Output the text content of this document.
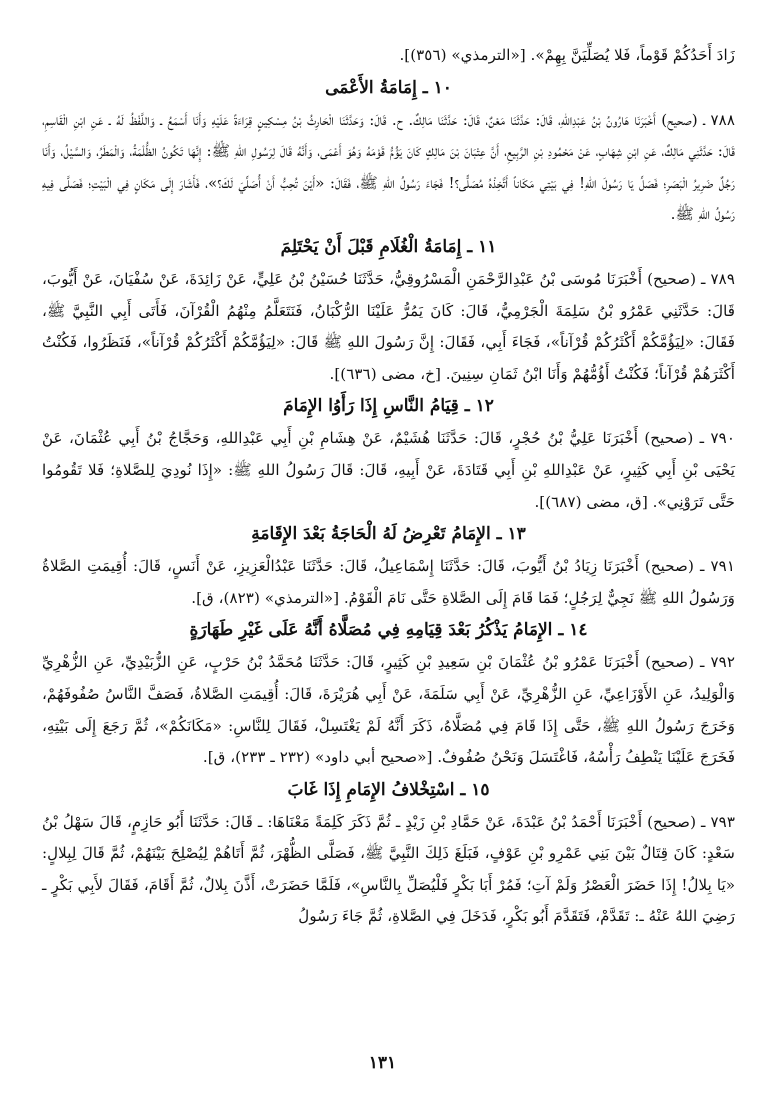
زَادَ أَحَدُكُمْ قَوْماً، فَلا يُصَلِّيَنَّ بِهِمْ». [«الترمذي» (٣٥٦)].

١٠ ـ إِمَامَةُ الأَعْمَى

٧٨٨ ـ (صحيح) أَخْبَرَنَا هَارُونُ بْنُ عَبْدِاللهِ، قَالَ: حَدَّثَنَا مَعْنٌ، قَالَ: حَدَّثَنَا مَالِكٌ. ح. قَالَ: وَحَدَّثَنَا الْحَارِثُ بْنُ مِسْكِينٍ قِرَاءَةً عَلَيْهِ وَأَنَا أَسْمَعُ ـ وَاللَّفْظُ لَهُ ـ عَنِ ابْنِ الْقَاسِمِ، قَالَ: حَدَّثَنِي مَالِكٌ، عَنِ ابْنِ شِهَابٍ، عَنْ مَحْمُودِ بْنِ الرَّبِيعِ، أَنَّ عِتْبَانَ بْنَ مَالِكٍ كَانَ يَؤُمُّ قَوْمَهُ وَهُوَ أَعْمَى، وَأَنَّهُ قَالَ لِرَسُولِ اللهِ ﷺ: إِنَّهَا تَكُونُ الظُّلْمَةُ، وَالْمَطَرُ، وَالسَّيْلُ، وَأَنَا رَجُلٌ ضَرِيرُ الْبَصَرِ؛ فَصَلِّ يَا رَسُولَ اللهِ! فِي بَيْتِي مَكَاناً أَتَّخِذْهُ مُصَلًّى؟! فَجَاءَ رَسُولُ اللهِ ﷺ، فَقَالَ: «أَيْنَ تُحِبُّ أَنْ أُصَلِّيَ لَكَ؟»، فَأَشَارَ إِلَى مَكَانٍ فِي الْبَيْتِ؛ فَصَلَّى فِيهِ رَسُولُ اللهِ ﷺ.

١١ ـ إِمَامَةُ الْغُلَامِ قَبْلَ أَنْ يَحْتَلِمَ

٧٨٩ ـ (صحيح) أَخْبَرَنَا مُوسَى بْنُ عَبْدِالرَّحْمَنِ الْمَسْرُوقِيُّ، حَدَّثَنَا حُسَيْنُ بْنُ عَلِيٍّ، عَنْ زَائِدَةَ، عَنْ سُفْيَانَ، عَنْ أَيُّوبَ، قَالَ: حَدَّثَنِي عَمْرُو بْنُ سَلِمَةَ الْجَرْمِيُّ، قَالَ: كَانَ يَمُرُّ عَلَيْنَا الرُّكْبَانُ، فَنَتَعَلَّمُ مِنْهُمُ الْقُرْآنَ، فَأَتَى أَبِي النَّبِيَّ ﷺ، فَقَالَ: «لِيَؤُمَّكُمْ أَكْثَرُكُمْ قُرْآناً»، فَجَاءَ أَبِي، فَقَالَ: إِنَّ رَسُولَ اللهِ ﷺ قَالَ: «لِيَؤُمَّكُمْ أَكْثَرُكُمْ قُرْآناً»، فَنَظَرُوا، فَكُنْتُ أَكْثَرَهُمْ قُرْآناً؛ فَكُنْتُ أَؤُمُّهُمْ وَأَنَا ابْنُ ثَمَانِ سِنِينَ. [خ، مضى (٦٣٦)].

١٢ ـ قِيَامُ النَّاسِ إِذَا رَأَوُا الإِمَامَ

٧٩٠ ـ (صحيح) أَخْبَرَنَا عَلِيُّ بْنُ حُجْرٍ، قَالَ: حَدَّثَنَا هُشَيْمٌ، عَنْ هِشَامِ بْنِ أَبِي عَبْدِاللهِ، وَحَجَّاجُ بْنُ أَبِي عُثْمَانَ، عَنْ يَحْيَى بْنِ أَبِي كَثِيرٍ، عَنْ عَبْدِاللهِ بْنِ أَبِي قَتَادَةَ، عَنْ أَبِيهِ، قَالَ: قَالَ رَسُولُ اللهِ ﷺ: «إِذَا نُودِيَ لِلصَّلاةِ؛ فَلا تَقُومُوا حَتَّى تَرَوْنِي». [ق، مضى (٦٨٧)].

١٣ ـ الإِمَامُ تَعْرِضُ لَهُ الْحَاجَةُ بَعْدَ الإِقَامَةِ

٧٩١ ـ (صحيح) أَخْبَرَنَا زِيَادُ بْنُ أَيُّوبَ، قَالَ: حَدَّثَنَا إِسْمَاعِيلُ، قَالَ: حَدَّثَنَا عَبْدُالْعَزِيزِ، عَنْ أَنَسٍ، قَالَ: أُقِيمَتِ الصَّلاةُ وَرَسُولُ اللهِ ﷺ نَجِيٌّ لِرَجُلٍ؛ فَمَا قَامَ إِلَى الصَّلاةِ حَتَّى نَامَ الْقَوْمُ. [«الترمذي» (٨٢٣)، ق].

١٤ ـ الإِمَامُ يَذْكُرُ بَعْدَ قِيَامِهِ فِي مُصَلَّاهُ أَنَّهُ عَلَى غَيْرِ طَهَارَةٍ

٧٩٢ ـ (صحيح) أَخْبَرَنَا عَمْرُو بْنُ عُثْمَانَ بْنِ سَعِيدِ بْنِ كَثِيرٍ، قَالَ: حَدَّثَنَا مُحَمَّدُ بْنُ حَرْبٍ، عَنِ الزُّبَيْدِيِّ، عَنِ الزُّهْرِيِّ وَالْوَلِيدُ، عَنِ الأَوْزَاعِيِّ، عَنِ الزُّهْرِيِّ، عَنْ أَبِي سَلَمَةَ، عَنْ أَبِي هُرَيْرَةَ، قَالَ: أُقِيمَتِ الصَّلاةُ، فَصَفَّ النَّاسُ صُفُوفَهُمْ، وَخَرَجَ رَسُولُ اللهِ ﷺ، حَتَّى إِذَا قَامَ فِي مُصَلَّاهُ، ذَكَرَ أَنَّهُ لَمْ يَغْتَسِلْ، فَقَالَ لِلنَّاسِ: «مَكَانَكُمْ»، ثُمَّ رَجَعَ إِلَى بَيْتِهِ، فَخَرَجَ عَلَيْنَا يَنْطِفُ رَأْسُهُ، فَاغْتَسَلَ وَنَحْنُ صُفُوفٌ. [«صحيح أبي داود» (٢٣٢ ـ ٢٣٣)، ق].

١٥ ـ اسْتِخْلافُ الإِمَامِ إِذَا غَابَ

٧٩٣ ـ (صحيح) أَخْبَرَنَا أَحْمَدُ بْنُ عَبْدَةَ، عَنْ حَمَّادِ بْنِ زَيْدٍ ـ ثُمَّ ذَكَرَ كَلِمَةً مَعْنَاهَا: ـ قَالَ: حَدَّثَنَا أَبُو حَازِمٍ، قَالَ سَهْلُ بْنُ سَعْدٍ: كَانَ قِتَالٌ بَيْنَ بَنِي عَمْرِو بْنِ عَوْفٍ، فَبَلَغَ ذَلِكَ النَّبِيَّ ﷺ، فَصَلَّى الظُّهْرَ، ثُمَّ أَتَاهُمْ لِيُصْلِحَ بَيْنَهُمْ، ثُمَّ قَالَ لِبِلالٍ: «يَا بِلالُ! إِذَا حَضَرَ الْعَصْرُ وَلَمْ آتِ؛ فَمُرْ أَبَا بَكْرٍ فَلْيُصَلِّ بِالنَّاسِ»، فَلَمَّا حَضَرَتْ، أَذَّنَ بِلالٌ، ثُمَّ أَقَامَ، فَقَالَ لأَبِي بَكْرٍ ـ رَضِيَ اللهُ عَنْهُ ـ: تَقَدَّمْ، فَتَقَدَّمَ أَبُو بَكْرٍ، فَدَخَلَ فِي الصَّلاةِ، ثُمَّ جَاءَ رَسُولُ

١٣١
